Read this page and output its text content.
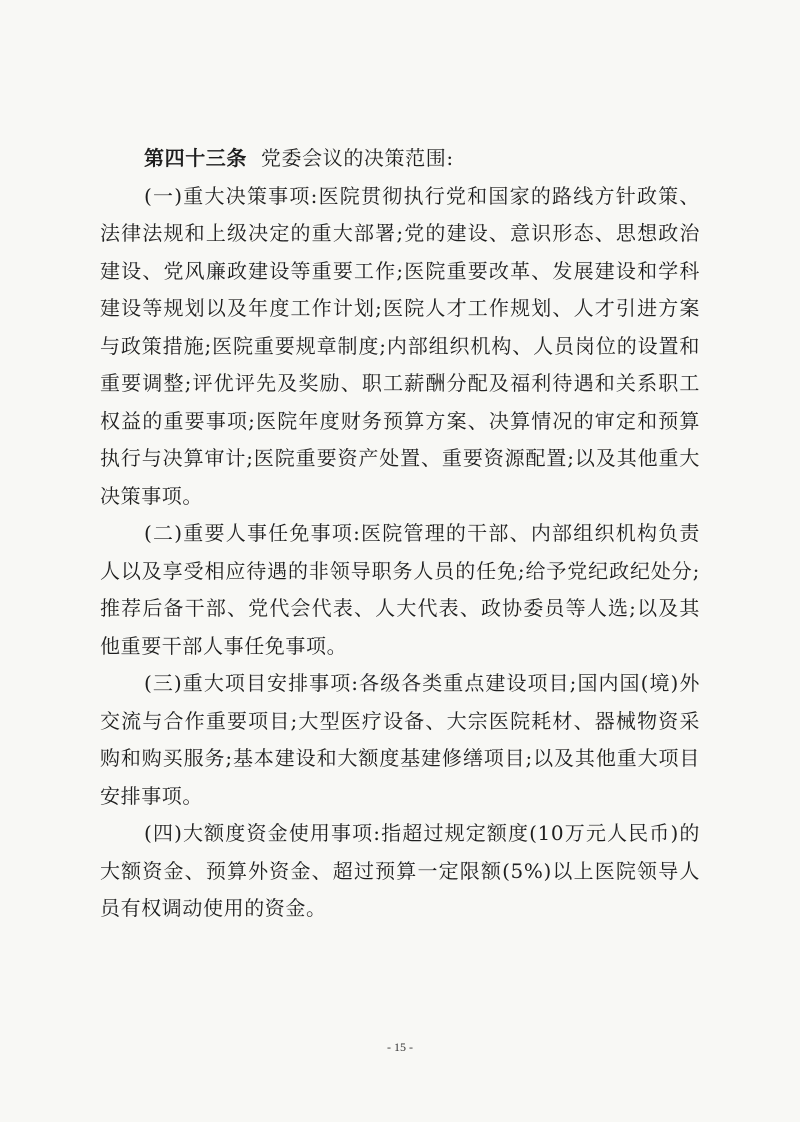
第四十三条 党委会议的决策范围:

(一)重大决策事项:医院贯彻执行党和国家的路线方针政策、法律法规和上级决定的重大部署;党的建设、意识形态、思想政治建设、党风廉政建设等重要工作;医院重要改革、发展建设和学科建设等规划以及年度工作计划;医院人才工作规划、人才引进方案与政策措施;医院重要规章制度;内部组织机构、人员岗位的设置和重要调整;评优评先及奖励、职工薪酬分配及福利待遇和关系职工权益的重要事项;医院年度财务预算方案、决算情况的审定和预算执行与决算审计;医院重要资产处置、重要资源配置;以及其他重大决策事项。

(二)重要人事任免事项:医院管理的干部、内部组织机构负责人以及享受相应待遇的非领导职务人员的任免;给予党纪政纪处分;推荐后备干部、党代会代表、人大代表、政协委员等人选;以及其他重要干部人事任免事项。

(三)重大项目安排事项:各级各类重点建设项目;国内国(境)外交流与合作重要项目;大型医疗设备、大宗医院耗材、器械物资采购和购买服务;基本建设和大额度基建修缮项目;以及其他重大项目安排事项。

(四)大额度资金使用事项:指超过规定额度(10万元人民币)的大额资金、预算外资金、超过预算一定限额(5%)以上医院领导人员有权调动使用的资金。

- 15 -
